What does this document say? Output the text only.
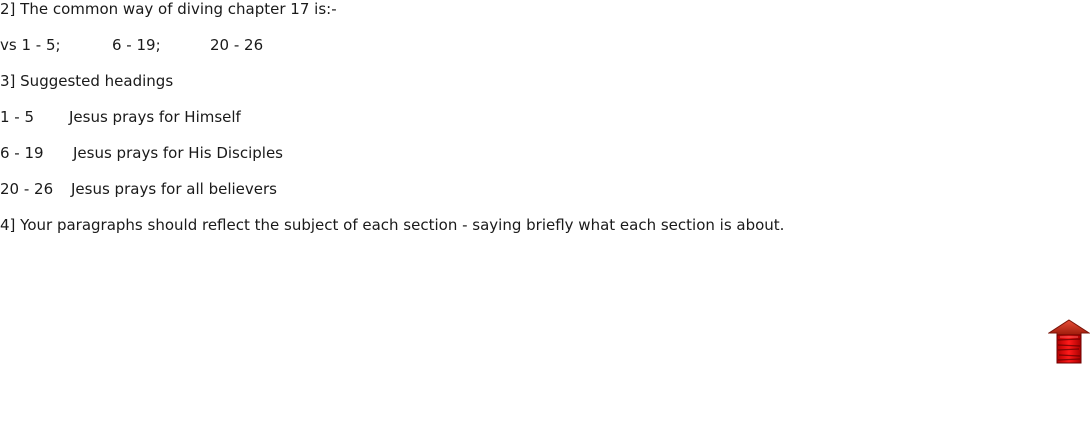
2] The common way of diving chapter 17 is:-

vs 1 - 5;	6 - 19;	20 - 26

3] Suggested headings

1 - 5 Jesus prays for Himself

6 - 19 Jesus prays for His Disciples

20 - 26 Jesus prays for all believers

4] Your paragraphs should reflect the subject of each section - saying briefly what each section is about.
